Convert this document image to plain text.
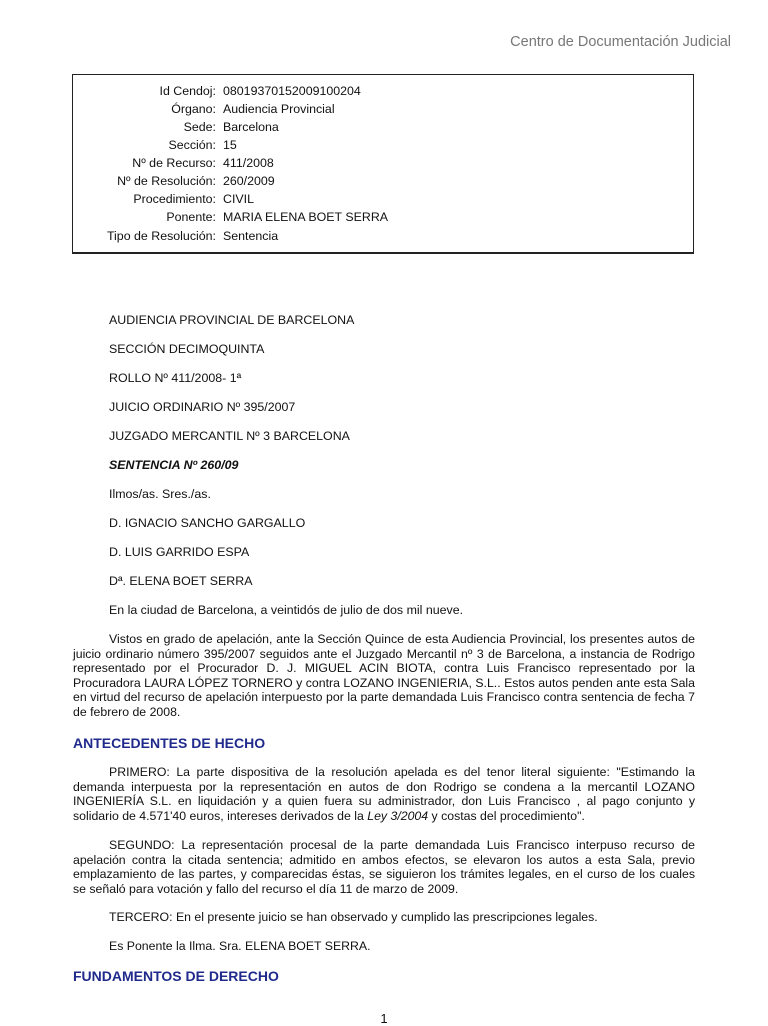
Centro de Documentación Judicial
Id Cendoj: 08019370152009100204
Órgano: Audiencia Provincial
Sede: Barcelona
Sección: 15
Nº de Recurso: 411/2008
Nº de Resolución: 260/2009
Procedimiento: CIVIL
Ponente: MARIA ELENA BOET SERRA
Tipo de Resolución: Sentencia
AUDIENCIA PROVINCIAL DE BARCELONA
SECCIÓN DECIMOQUINTA
ROLLO Nº 411/2008- 1ª
JUICIO ORDINARIO Nº 395/2007
JUZGADO MERCANTIL Nº 3 BARCELONA
SENTENCIA Nº 260/09
Ilmos/as. Sres./as.
D. IGNACIO SANCHO GARGALLO
D. LUIS GARRIDO ESPA
Dª. ELENA BOET SERRA
En la ciudad de Barcelona, a veintidós de julio de dos mil nueve.
Vistos en grado de apelación, ante la Sección Quince de esta Audiencia Provincial, los presentes autos de juicio ordinario número 395/2007 seguidos ante el Juzgado Mercantil nº 3 de Barcelona, a instancia de Rodrigo representado por el Procurador D. J. MIGUEL ACIN BIOTA, contra Luis Francisco representado por la Procuradora LAURA LÓPEZ TORNERO y contra LOZANO INGENIERIA, S.L.. Estos autos penden ante esta Sala en virtud del recurso de apelación interpuesto por la parte demandada Luis Francisco contra sentencia de fecha 7 de febrero de 2008.
ANTECEDENTES DE HECHO
PRIMERO: La parte dispositiva de la resolución apelada es del tenor literal siguiente: "Estimando la demanda interpuesta por la representación en autos de don Rodrigo se condena a la mercantil LOZANO INGENIERÍA S.L. en liquidación y a quien fuera su administrador, don Luis Francisco , al pago conjunto y solidario de 4.571'40 euros, intereses derivados de la Ley 3/2004 y costas del procedimiento".
SEGUNDO: La representación procesal de la parte demandada Luis Francisco interpuso recurso de apelación contra la citada sentencia; admitido en ambos efectos, se elevaron los autos a esta Sala, previo emplazamiento de las partes, y comparecidas éstas, se siguieron los trámites legales, en el curso de los cuales se señaló para votación y fallo del recurso el día 11 de marzo de 2009.
TERCERO: En el presente juicio se han observado y cumplido las prescripciones legales.
Es Ponente la Ilma. Sra. ELENA BOET SERRA.
FUNDAMENTOS DE DERECHO
1
